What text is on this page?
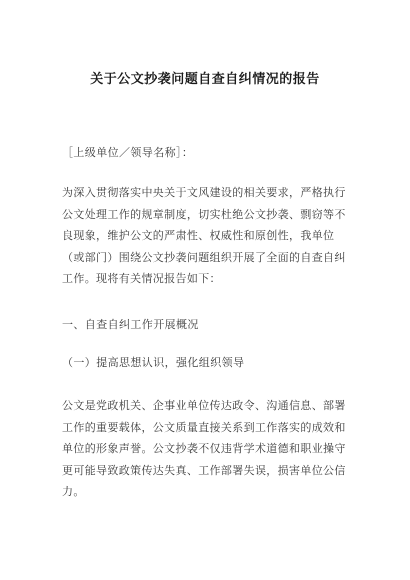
关于公文抄袭问题自查自纠情况的报告
［上级单位／领导名称］：
为深入贯彻落实中央关于文风建设的相关要求，严格执行
公文处理工作的规章制度，切实杜绝公文抄袭、剽窃等不
良现象，维护公文的严肃性、权威性和原创性，我单位
（或部门）围绕公文抄袭问题组织开展了全面的自查自纠
工作。现将有关情况报告如下：
一、自查自纠工作开展概况
（一）提高思想认识，强化组织领导
公文是党政机关、企事业单位传达政令、沟通信息、部署
工作的重要载体，公文质量直接关系到工作落实的成效和
单位的形象声誉。公文抄袭不仅违背学术道德和职业操守
更可能导致政策传达失真、工作部署失误，损害单位公信
力。
